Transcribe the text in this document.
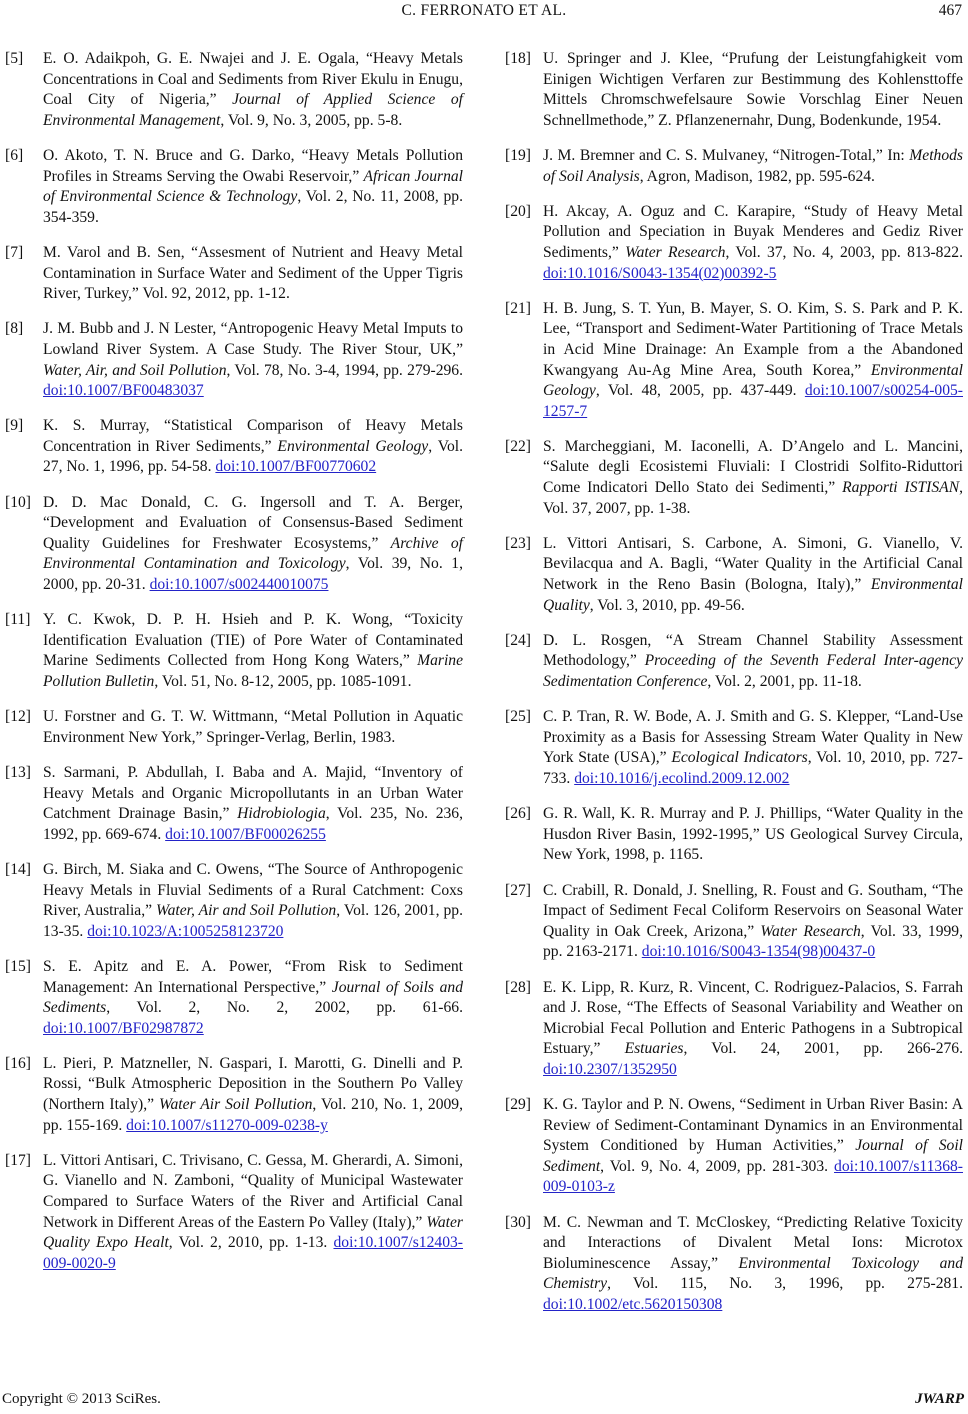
C. FERRONATO ET AL.	467
[5] E. O. Adaikpoh, G. E. Nwajei and J. E. Ogala, “Heavy Metals Concentrations in Coal and Sediments from River Ekulu in Enugu, Coal City of Nigeria,” Journal of Applied Science of Environmental Management, Vol. 9, No. 3, 2005, pp. 5-8.
[6] O. Akoto, T. N. Bruce and G. Darko, “Heavy Metals Pollution Profiles in Streams Serving the Owabi Reservoir,” African Journal of Environmental Science & Technology, Vol. 2, No. 11, 2008, pp. 354-359.
[7] M. Varol and B. Sen, “Assesment of Nutrient and Heavy Metal Contamination in Surface Water and Sediment of the Upper Tigris River, Turkey,” Vol. 92, 2012, pp. 1-12.
[8] J. M. Bubb and J. N Lester, “Antropogenic Heavy Metal Imputs to Lowland River System. A Case Study. The River Stour, UK,” Water, Air, and Soil Pollution, Vol. 78, No. 3-4, 1994, pp. 279-296. doi:10.1007/BF00483037
[9] K. S. Murray, “Statistical Comparison of Heavy Metals Concentration in River Sediments,” Environmental Geology, Vol. 27, No. 1, 1996, pp. 54-58. doi:10.1007/BF00770602
[10] D. D. Mac Donald, C. G. Ingersoll and T. A. Berger, “Development and Evaluation of Consensus-Based Sediment Quality Guidelines for Freshwater Ecosystems,” Archive of Environmental Contamination and Toxicology, Vol. 39, No. 1, 2000, pp. 20-31. doi:10.1007/s002440010075
[11] Y. C. Kwok, D. P. H. Hsieh and P. K. Wong, “Toxicity Identification Evaluation (TIE) of Pore Water of Contaminated Marine Sediments Collected from Hong Kong Waters,” Marine Pollution Bulletin, Vol. 51, No. 8-12, 2005, pp. 1085-1091.
[12] U. Forstner and G. T. W. Wittmann, “Metal Pollution in Aquatic Environment New York,” Springer-Verlag, Berlin, 1983.
[13] S. Sarmani, P. Abdullah, I. Baba and A. Majid, “Inventory of Heavy Metals and Organic Micropollutants in an Urban Water Catchment Drainage Basin,” Hidrobiologia, Vol. 235, No. 236, 1992, pp. 669-674. doi:10.1007/BF00026255
[14] G. Birch, M. Siaka and C. Owens, “The Source of Anthropogenic Heavy Metals in Fluvial Sediments of a Rural Catchment: Coxs River, Australia,” Water, Air and Soil Pollution, Vol. 126, 2001, pp. 13-35. doi:10.1023/A:1005258123720
[15] S. E. Apitz and E. A. Power, “From Risk to Sediment Management: An International Perspective,” Journal of Soils and Sediments, Vol. 2, No. 2, 2002, pp. 61-66. doi:10.1007/BF02987872
[16] L. Pieri, P. Matzneller, N. Gaspari, I. Marotti, G. Dinelli and P. Rossi, “Bulk Atmospheric Deposition in the Southern Po Valley (Northern Italy),” Water Air Soil Pollution, Vol. 210, No. 1, 2009, pp. 155-169. doi:10.1007/s11270-009-0238-y
[17] L. Vittori Antisari, C. Trivisano, C. Gessa, M. Gherardi, A. Simoni, G. Vianello and N. Zamboni, “Quality of Municipal Wastewater Compared to Surface Waters of the River and Artificial Canal Network in Different Areas of the Eastern Po Valley (Italy),” Water Quality Expo Healt, Vol. 2, 2010, pp. 1-13. doi:10.1007/s12403-009-0020-9
[18] U. Springer and J. Klee, “Prufung der Leistungfahigkeit vom Einigen Wichtigen Verfaren zur Bestimmung des Kohlensttoffe Mittels Chromschwefelsaure Sowie Vorschlag Einer Neuen Schnellmethode,” Z. Pflanzenernahr, Dung, Bodenkunde, 1954.
[19] J. M. Bremner and C. S. Mulvaney, “Nitrogen-Total,” In: Methods of Soil Analysis, Agron, Madison, 1982, pp. 595-624.
[20] H. Akcay, A. Oguz and C. Karapire, “Study of Heavy Metal Pollution and Speciation in Buyak Menderes and Gediz River Sediments,” Water Research, Vol. 37, No. 4, 2003, pp. 813-822. doi:10.1016/S0043-1354(02)00392-5
[21] H. B. Jung, S. T. Yun, B. Mayer, S. O. Kim, S. S. Park and P. K. Lee, “Transport and Sediment-Water Partitioning of Trace Metals in Acid Mine Drainage: An Example from a the Abandoned Kwangyang Au-Ag Mine Area, South Korea,” Environmental Geology, Vol. 48, 2005, pp. 437-449. doi:10.1007/s00254-005-1257-7
[22] S. Marcheggiani, M. Iaconelli, A. D’Angelo and L. Mancini, “Salute degli Ecosistemi Fluviali: I Clostridi Solfito-Riduttori Come Indicatori Dello Stato dei Sedimenti,” Rapporti ISTISAN, Vol. 37, 2007, pp. 1-38.
[23] L. Vittori Antisari, S. Carbone, A. Simoni, G. Vianello, V. Bevilacqua and A. Bagli, “Water Quality in the Artificial Canal Network in the Reno Basin (Bologna, Italy),” Environmental Quality, Vol. 3, 2010, pp. 49-56.
[24] D. L. Rosgen, “A Stream Channel Stability Assessment Methodology,” Proceeding of the Seventh Federal Inter-agency Sedimentation Conference, Vol. 2, 2001, pp. 11-18.
[25] C. P. Tran, R. W. Bode, A. J. Smith and G. S. Klepper, “Land-Use Proximity as a Basis for Assessing Stream Water Quality in New York State (USA),” Ecological Indicators, Vol. 10, 2010, pp. 727-733. doi:10.1016/j.ecolind.2009.12.002
[26] G. R. Wall, K. R. Murray and P. J. Phillips, “Water Quality in the Husdon River Basin, 1992-1995,” US Geological Survey Circula, New York, 1998, p. 1165.
[27] C. Crabill, R. Donald, J. Snelling, R. Foust and G. Southam, “The Impact of Sediment Fecal Coliform Reservoirs on Seasonal Water Quality in Oak Creek, Arizona,” Water Research, Vol. 33, 1999, pp. 2163-2171. doi:10.1016/S0043-1354(98)00437-0
[28] E. K. Lipp, R. Kurz, R. Vincent, C. Rodriguez-Palacios, S. Farrah and J. Rose, “The Effects of Seasonal Variability and Weather on Microbial Fecal Pollution and Enteric Pathogens in a Subtropical Estuary,” Estuaries, Vol. 24, 2001, pp. 266-276. doi:10.2307/1352950
[29] K. G. Taylor and P. N. Owens, “Sediment in Urban River Basin: A Review of Sediment-Contaminant Dynamics in an Environmental System Conditioned by Human Activities,” Journal of Soil Sediment, Vol. 9, No. 4, 2009, pp. 281-303. doi:10.1007/s11368-009-0103-z
[30] M. C. Newman and T. McCloskey, “Predicting Relative Toxicity and Interactions of Divalent Metal Ions: Microtox Bioluminescence Assay,” Environmental Toxicology and Chemistry, Vol. 115, No. 3, 1996, pp. 275-281. doi:10.1002/etc.5620150308
Copyright © 2013 SciRes.	JWARP
